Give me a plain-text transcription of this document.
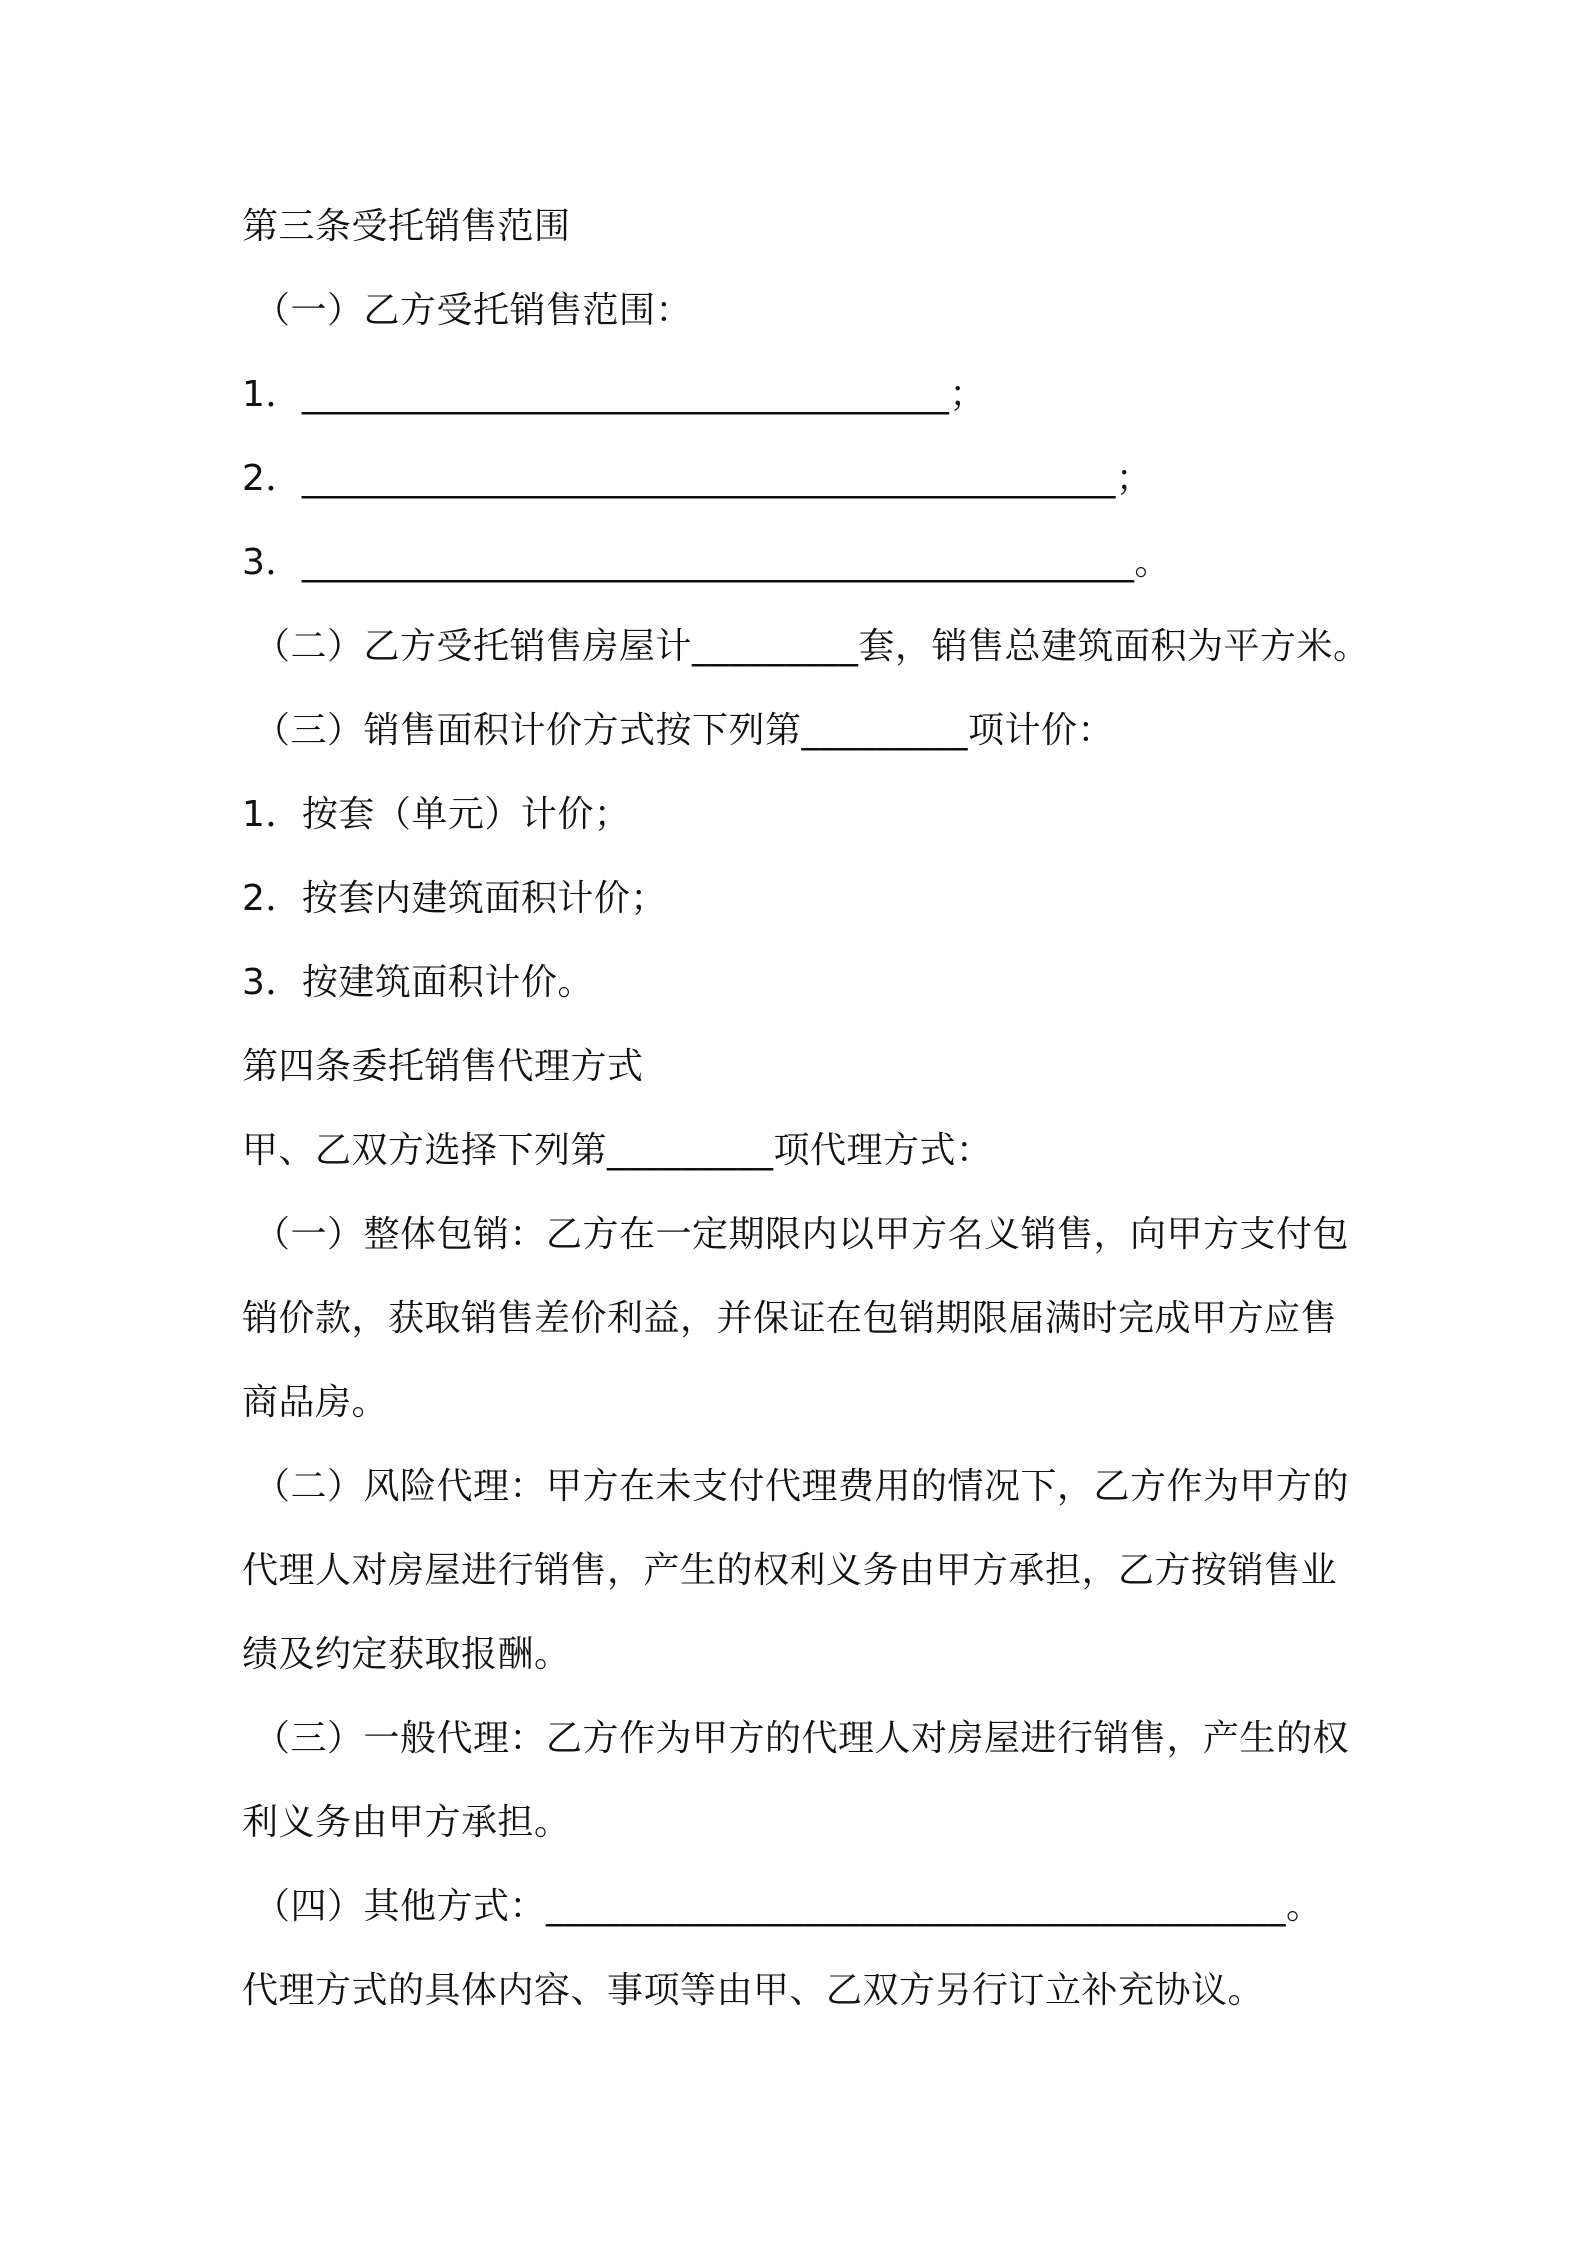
第三条受托销售范围
（一）乙方受托销售范围：
1．___________________________________；
2．____________________________________________；
3．_____________________________________________。
（二）乙方受托销售房屋计_________套，销售总建筑面积为平方米。
（三）销售面积计价方式按下列第_________项计价：
1．按套（单元）计价；
2．按套内建筑面积计价；
3．按建筑面积计价。
第四条委托销售代理方式
甲、乙双方选择下列第_________项代理方式：
（一）整体包销：乙方在一定期限内以甲方名义销售，向甲方支付包
销价款，获取销售差价利益，并保证在包销期限届满时完成甲方应售
商品房。
（二）风险代理：甲方在未支付代理费用的情况下，乙方作为甲方的
代理人对房屋进行销售，产生的权利义务由甲方承担，乙方按销售业
绩及约定获取报酬。
（三）一般代理：乙方作为甲方的代理人对房屋进行销售，产生的权
利义务由甲方承担。
（四）其他方式：________________________________________。
代理方式的具体内容、事项等由甲、乙双方另行订立补充协议。
